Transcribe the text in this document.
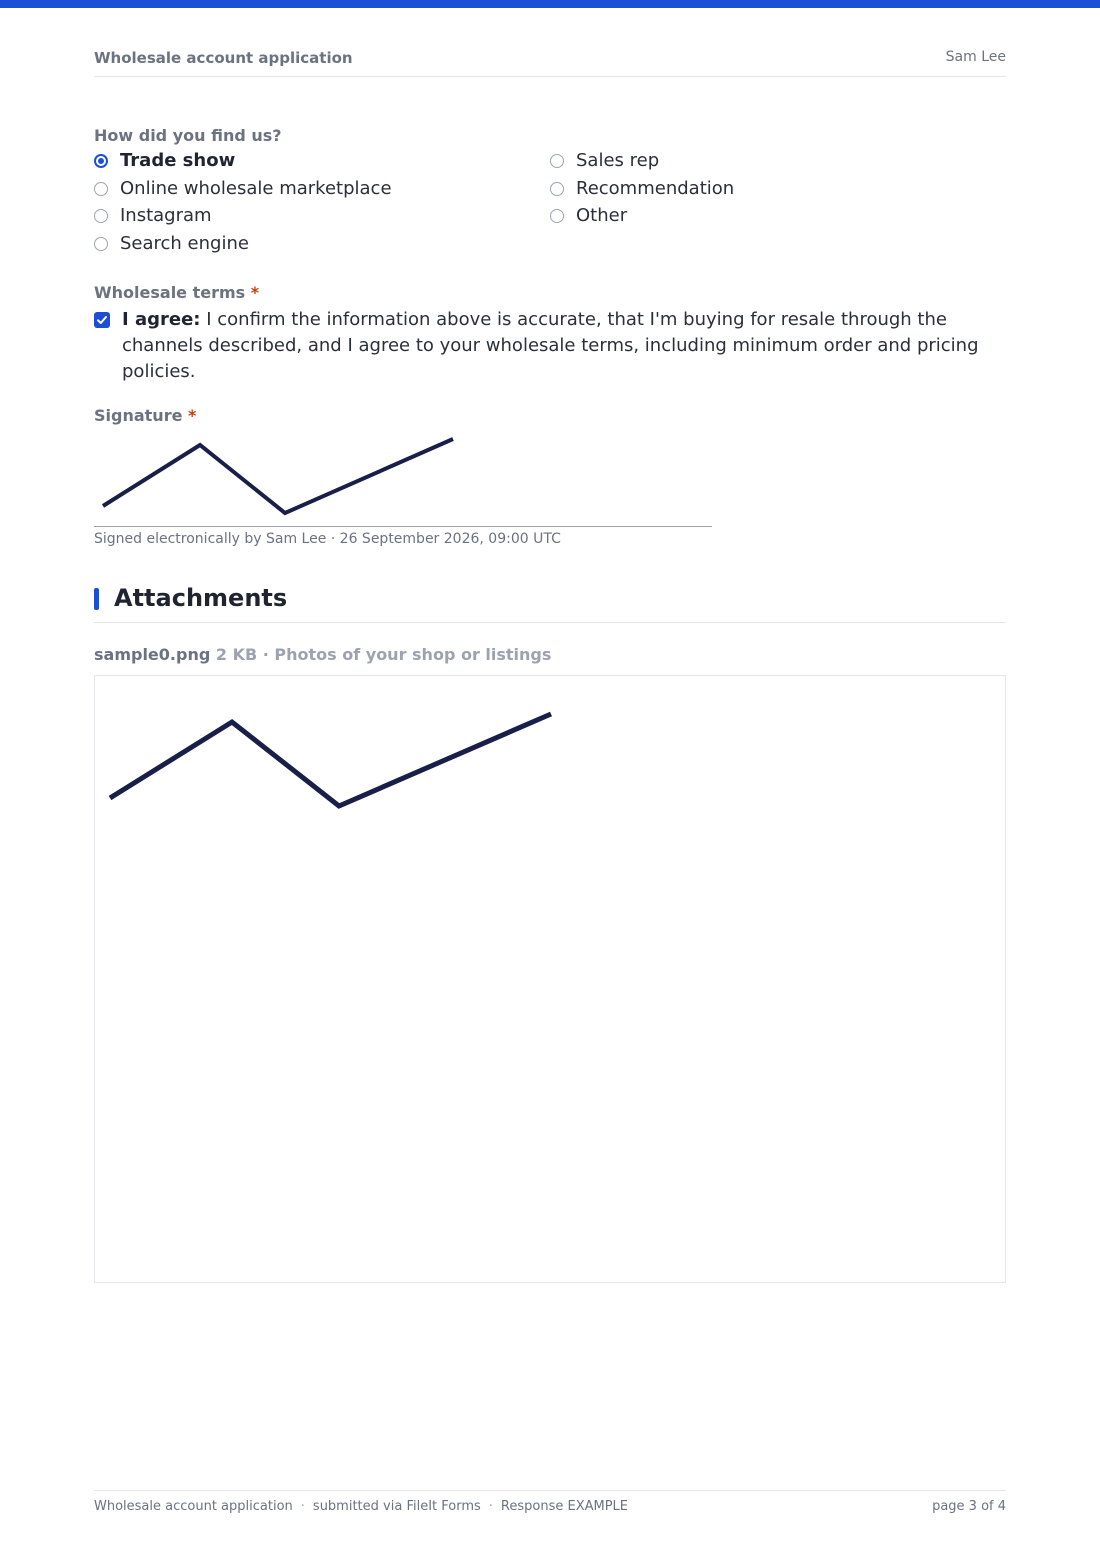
Wholesale account application	Sam Lee
How did you find us?
Trade show
Online wholesale marketplace
Instagram
Search engine
Sales rep
Recommendation
Other
Wholesale terms *
I agree: I confirm the information above is accurate, that I'm buying for resale through the channels described, and I agree to your wholesale terms, including minimum order and pricing policies.
Signature *
Signed electronically by Sam Lee · 26 September 2026, 09:00 UTC
Attachments
sample0.png 2 KB · Photos of your shop or listings
Wholesale account application · submitted via FileIt Forms · Response EXAMPLE	page 3 of 4
